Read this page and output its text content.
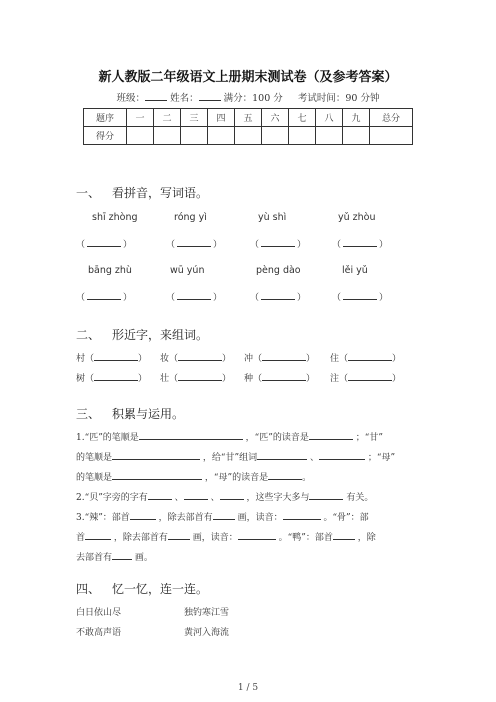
新人教版二年级语文上册期末测试卷（及参考答案）
班级：	姓名：	满分：100 分 考试时间：90 分钟
题序	一	二	三	四	五	六	七	八	九	总分
得分										
一、 看拼音，写词语。
shī zhòng	róng yì	yù shì	yǔ zhòu
（	）	（	）	（	）	（	）
bāng zhù	wū yún	pèng dào	lěi yǔ
（	）	（	）	（	）	（	）
二、 形近字，来组词。
村（	） 妆（	） 冲（	） 住（	）
树（	） 壮（	） 种（	） 注（	）
三、 积累与运用。
1.“匹”的笔顺是	，“匹”的读音是	；“甘”
的笔顺是	，给“甘”组词	、	；“母”
的笔顺是	，“母”的读音是	。
2.“贝”字旁的字有	、	、	，这些字大多与	有关。
3.“辣”：部首	，除去部首有	画，读音：	。“骨”：部
首	，除去部首有	画，读音：	。“鸭”：部首	，除
去部首有	画。
四、 忆一忆，连一连。
白日依山尽	独钓寒江雪
不敢高声语	黄河入海流
1 / 5
